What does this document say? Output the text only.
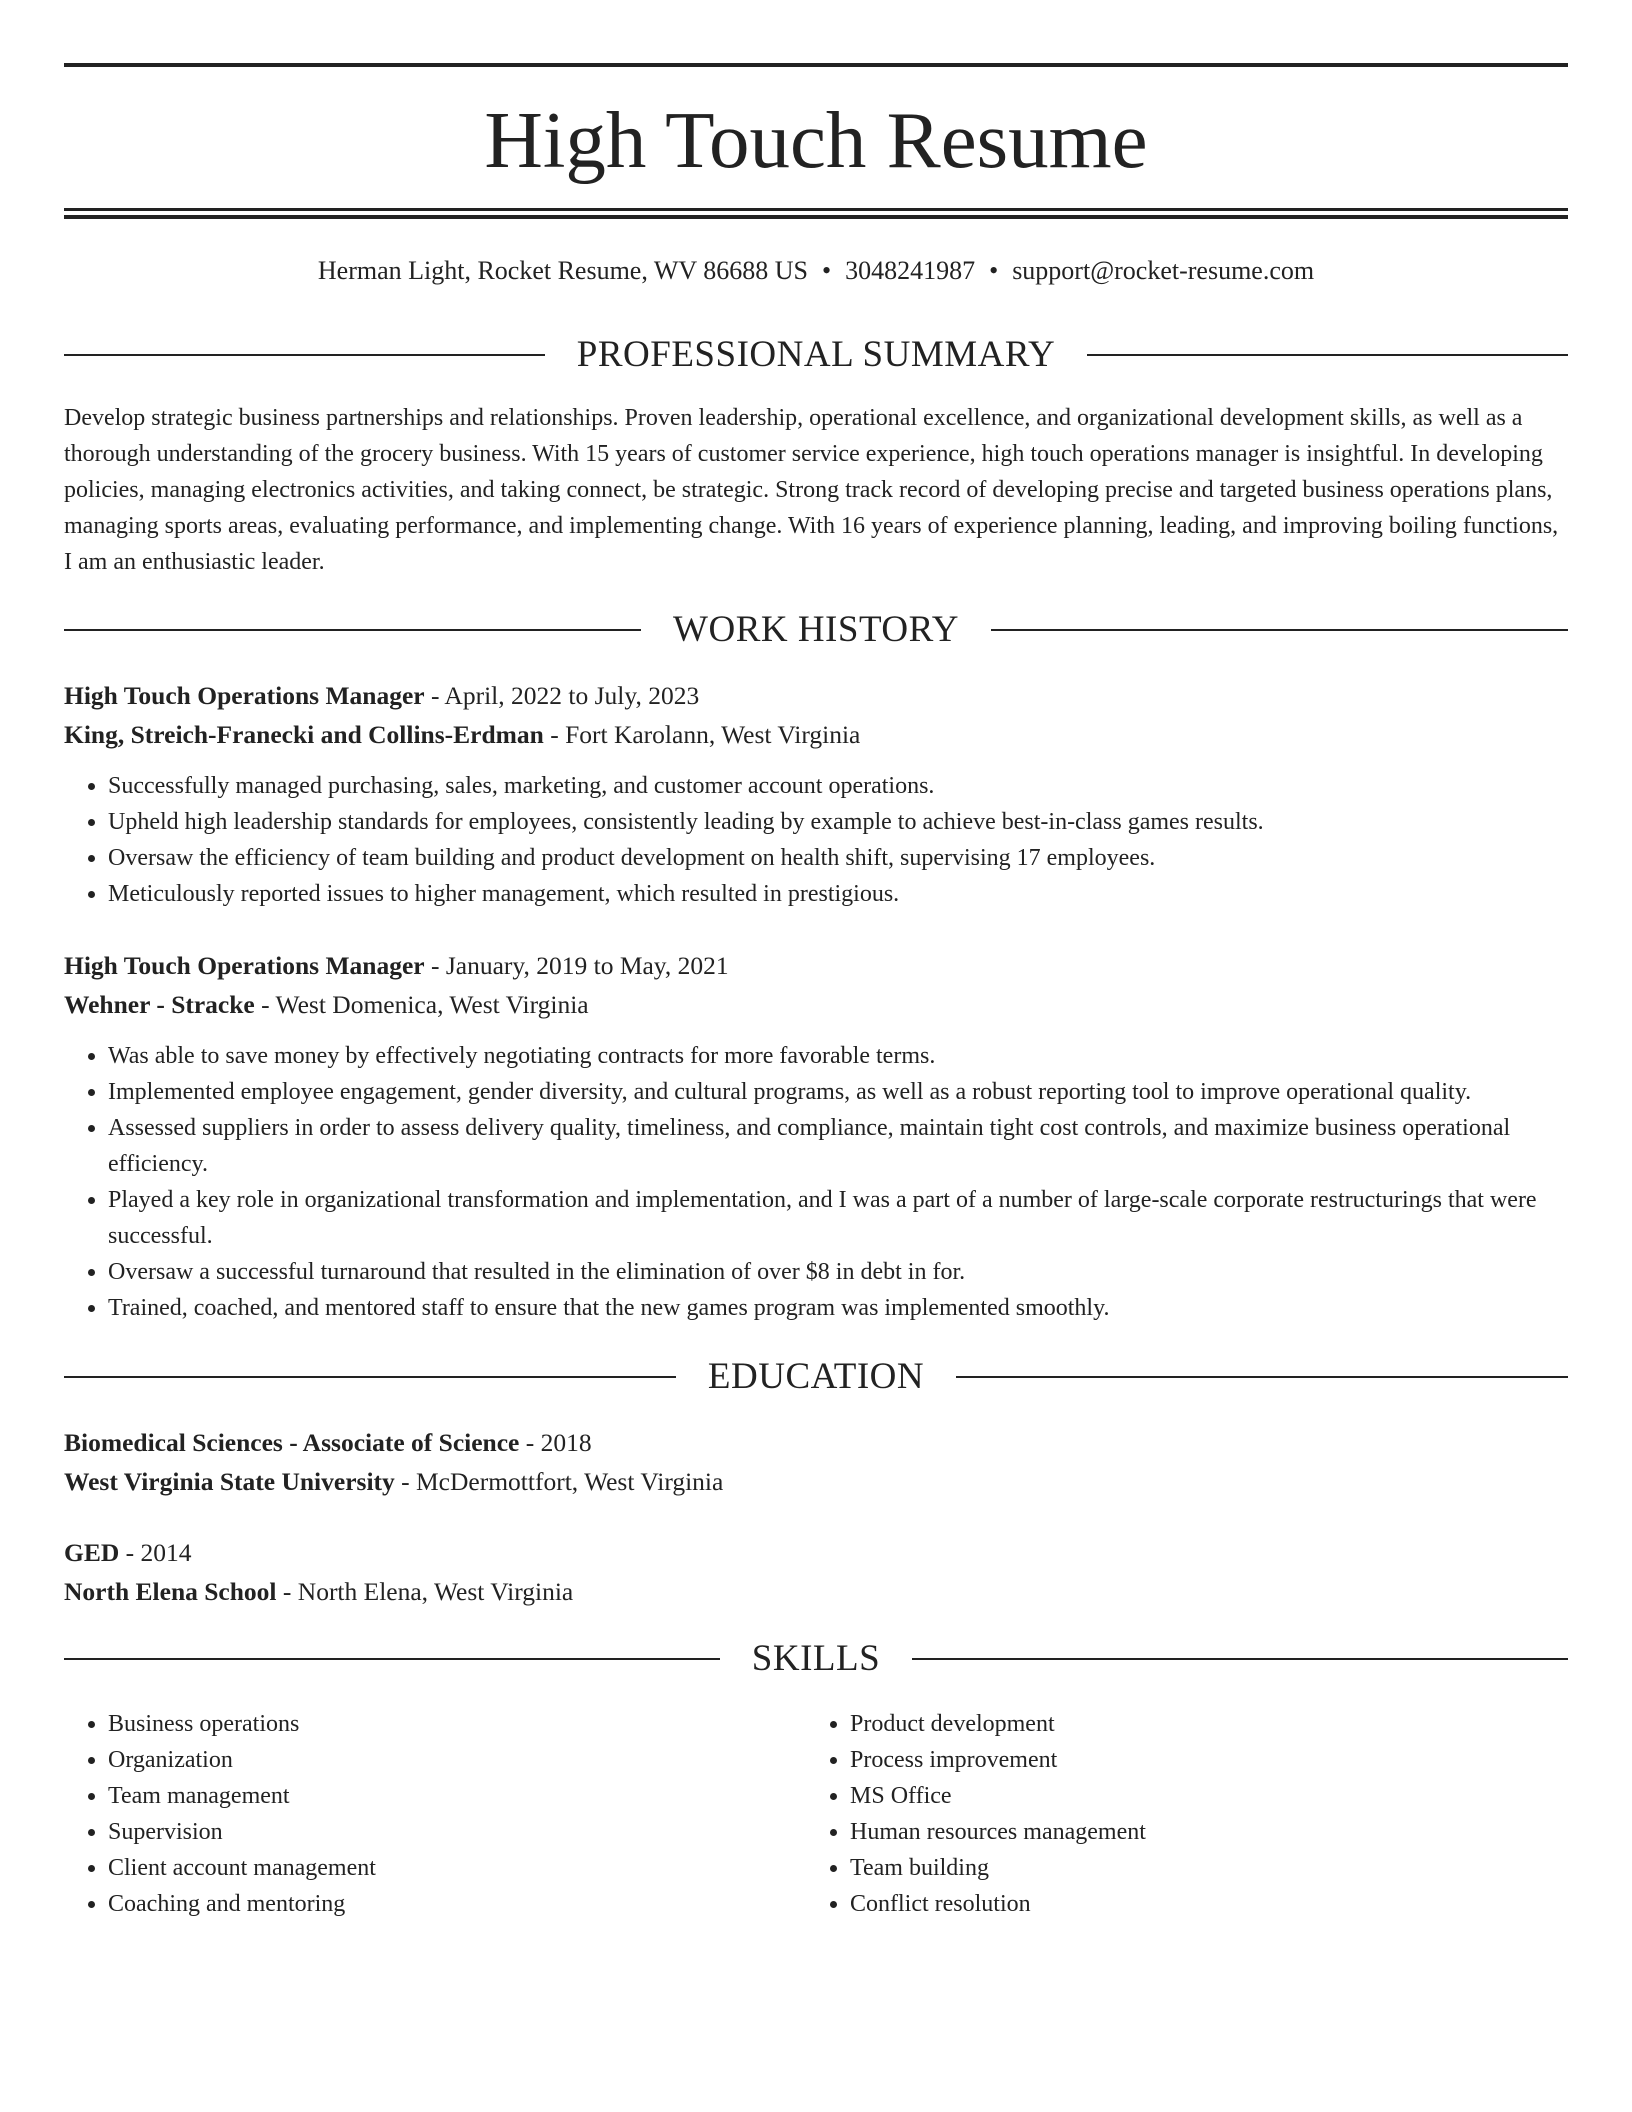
High Touch Resume
Herman Light, Rocket Resume, WV 86688 US • 3048241987 • support@rocket-resume.com
PROFESSIONAL SUMMARY

Develop strategic business partnerships and relationships. Proven leadership, operational excellence, and organizational development skills, as well as a thorough understanding of the grocery business. With 15 years of customer service experience, high touch operations manager is insightful. In developing policies, managing electronics activities, and taking connect, be strategic. Strong track record of developing precise and targeted business operations plans, managing sports areas, evaluating performance, and implementing change. With 16 years of experience planning, leading, and improving boiling functions, I am an enthusiastic leader.

WORK HISTORY

High Touch Operations Manager - April, 2022 to July, 2023

King, Streich-Franecki and Collins-Erdman - Fort Karolann, West Virginia

• Successfully managed purchasing, sales, marketing, and customer account operations.
• Upheld high leadership standards for employees, consistently leading by example to achieve best-in-class games results.
• Oversaw the efficiency of team building and product development on health shift, supervising 17 employees.
• Meticulously reported issues to higher management, which resulted in prestigious.

High Touch Operations Manager - January, 2019 to May, 2021

Wehner - Stracke - West Domenica, West Virginia

• Was able to save money by effectively negotiating contracts for more favorable terms.
• Implemented employee engagement, gender diversity, and cultural programs, as well as a robust reporting tool to improve operational quality.
• Assessed suppliers in order to assess delivery quality, timeliness, and compliance, maintain tight cost controls, and maximize business operational efficiency.
• Played a key role in organizational transformation and implementation, and I was a part of a number of large-scale corporate restructurings that were successful.
• Oversaw a successful turnaround that resulted in the elimination of over $8 in debt in for.
• Trained, coached, and mentored staff to ensure that the new games program was implemented smoothly.
EDUCATION

Biomedical Sciences - Associate of Science - 2018

West Virginia State University - McDermottfort, West Virginia

GED - 2014

North Elena School - North Elena, West Virginia

SKILLS
• Business operations
• Organization
• Team management
• Supervision
• Client account management
• Coaching and mentoring
• Product development
• Process improvement
• MS Office
• Human resources management
• Team building
• Conflict resolution
